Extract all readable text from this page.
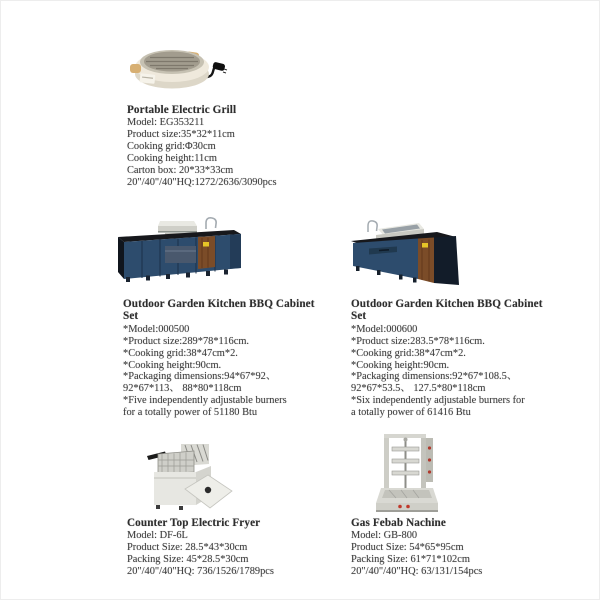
Portable Electric Grill

Model: EG353211

Product size:35*32*11cm

Cooking grid:Φ30cm

Cooking height:11cm

Carton box: 20*33*33cm

20"/40"/40"HQ:1272/2636/3090pcs

Outdoor Garden Kitchen BBQ Cabinet Set

*Model:000500

*Product size:289*78*116cm.

*Cooking grid:38*47cm*2.

*Cooking height:90cm.

*Packaging dimensions:94*67*92、

92*67*113、 88*80*118cm

*Five independently adjustable burners

for a totally power of 51180 Btu

Outdoor Garden Kitchen BBQ Cabinet Set

*Model:000600

*Product size:283.5*78*116cm.

*Cooking grid:38*47cm*2.

*Cooking height:90cm.

*Packaging dimensions:92*67*108.5、

92*67*53.5、 127.5*80*118cm

*Six independently adjustable burners for

a totally power of 61416 Btu

Counter Top Electric Fryer

Model: DF-6L

Product Size: 28.5*43*30cm

Packing Size: 45*28.5*30cm

20"/40"/40"HQ: 736/1526/1789pcs

Gas Febab Nachine

Model: GB-800

Product Size: 54*65*95cm

Packing Size: 61*71*102cm

20"/40"/40"HQ: 63/131/154pcs
